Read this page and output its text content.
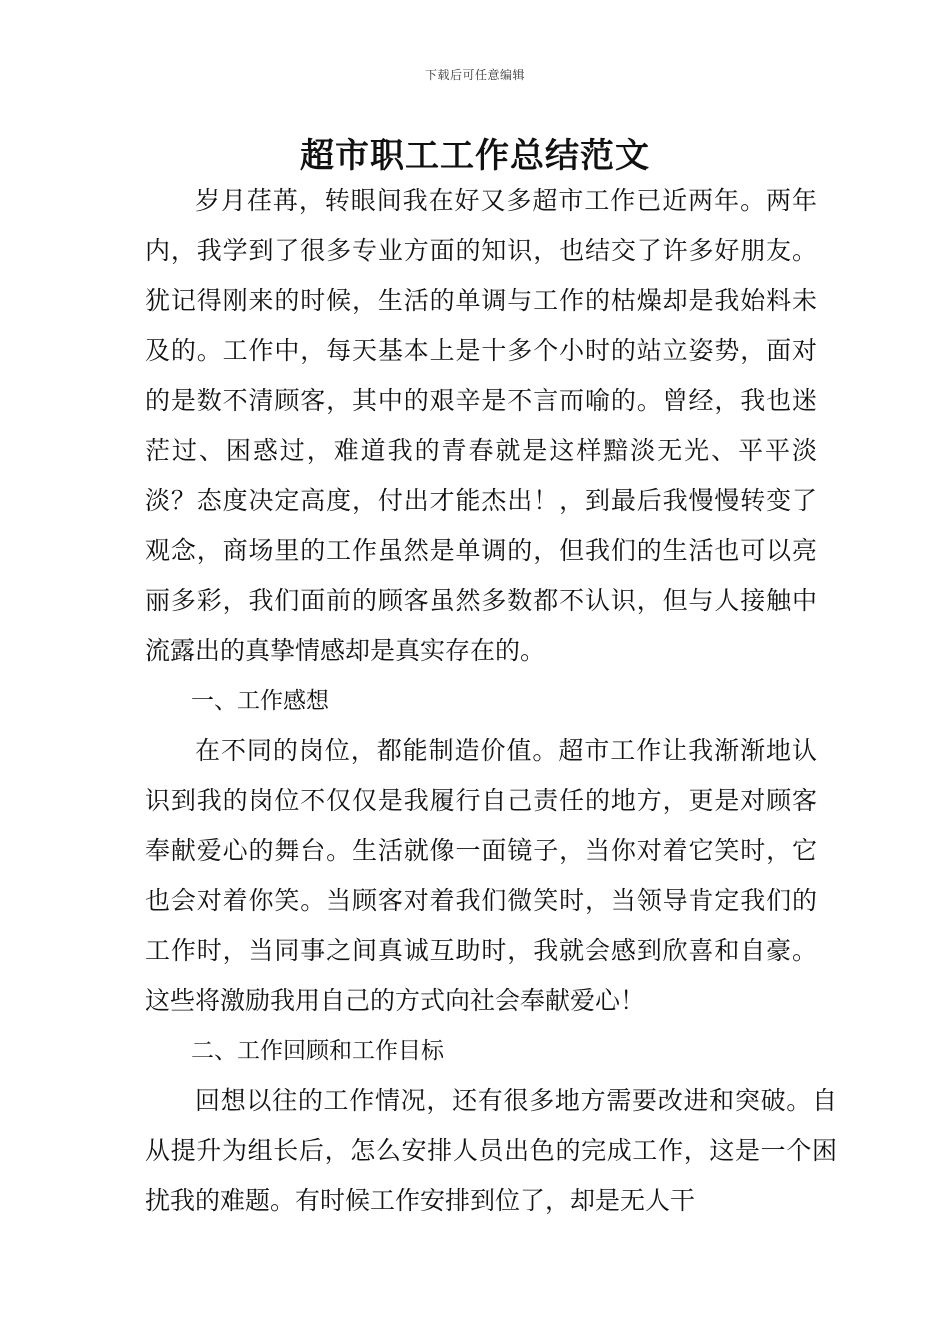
下载后可任意编辑
超市职工工作总结范文

岁月荏苒，转眼间我在好又多超市工作已近两年。两年内，我学到了很多专业方面的知识，也结交了许多好朋友。犹记得刚来的时候，生活的单调与工作的枯燥却是我始料未及的。工作中，每天基本上是十多个小时的站立姿势，面对的是数不清顾客，其中的艰辛是不言而喻的。曾经，我也迷茫过、困惑过，难道我的青春就是这样黯淡无光、平平淡淡？态度决定高度，付出才能杰出！，到最后我慢慢转变了观念，商场里的工作虽然是单调的，但我们的生活也可以亮丽多彩，我们面前的顾客虽然多数都不认识，但与人接触中流露出的真挚情感却是真实存在的。

一、工作感想

在不同的岗位，都能制造价值。超市工作让我渐渐地认识到我的岗位不仅仅是我履行自己责任的地方，更是对顾客奉献爱心的舞台。生活就像一面镜子，当你对着它笑时，它也会对着你笑。当顾客对着我们微笑时，当领导肯定我们的工作时，当同事之间真诚互助时，我就会感到欣喜和自豪。这些将激励我用自己的方式向社会奉献爱心！

二、工作回顾和工作目标

回想以往的工作情况，还有很多地方需要改进和突破。自从提升为组长后，怎么安排人员出色的完成工作，这是一个困扰我的难题。有时候工作安排到位了，却是无人干
